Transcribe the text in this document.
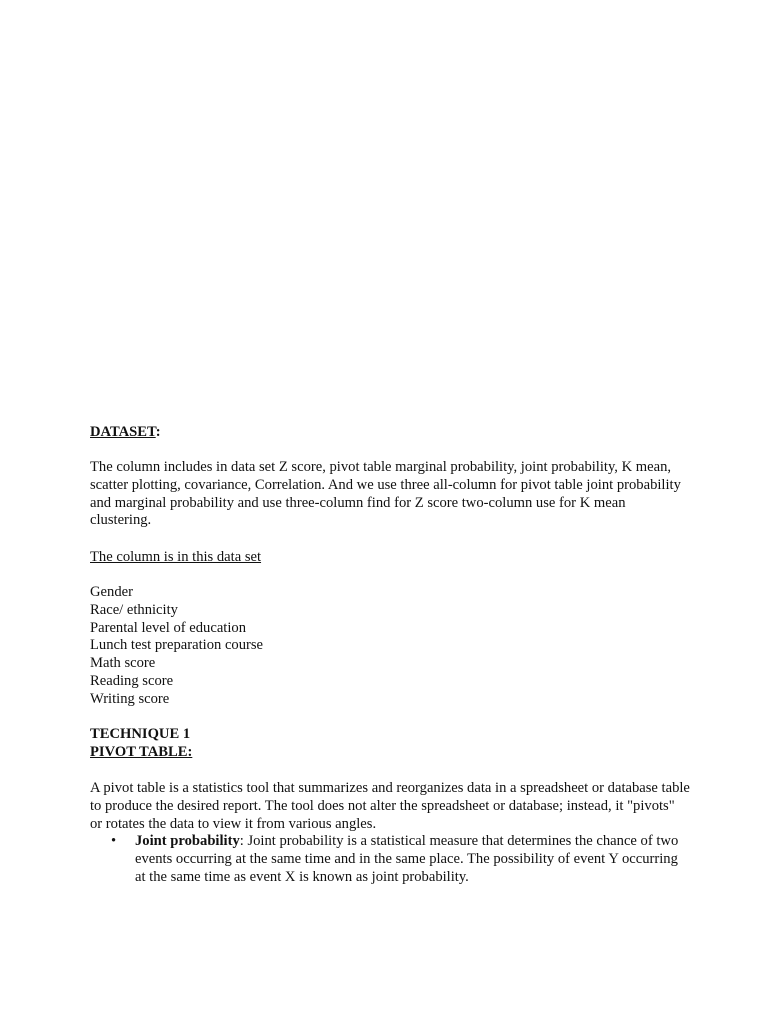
DATASET:

The column includes in data set Z score, pivot table marginal probability, joint probability, K mean, scatter plotting, covariance, Correlation. And we use three all-column for pivot table joint probability and marginal probability and use three-column find for Z score two-column use for K mean clustering.

The column is in this data set

Gender
Race/ ethnicity
Parental level of education
Lunch test preparation course
Math score
Reading score
Writing score

TECHNIQUE 1

PIVOT TABLE:

A pivot table is a statistics tool that summarizes and reorganizes data in a spreadsheet or database table to produce the desired report. The tool does not alter the spreadsheet or database; instead, it "pivots" or rotates the data to view it from various angles.

• Joint probability: Joint probability is a statistical measure that determines the chance of two events occurring at the same time and in the same place. The possibility of event Y occurring at the same time as event X is known as joint probability.
